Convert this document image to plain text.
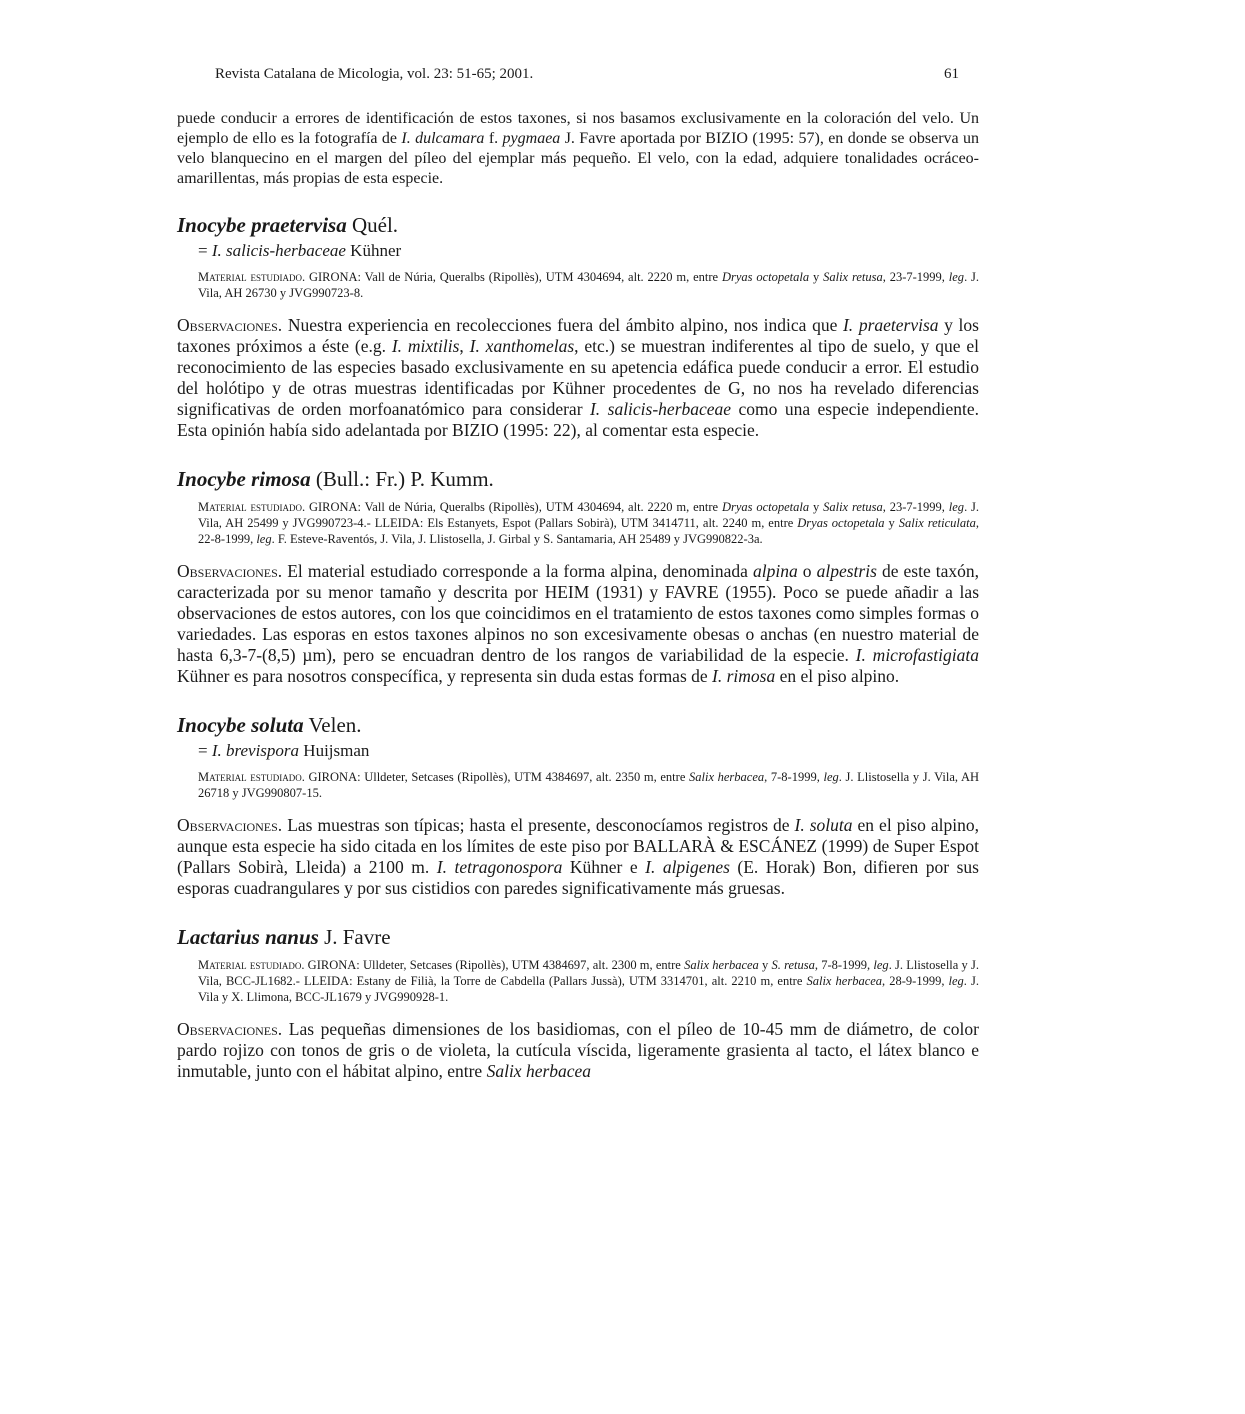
Revista Catalana de Micologia, vol. 23: 51-65; 2001.	61

puede conducir a errores de identificación de estos taxones, si nos basamos exclusivamente en la coloración del velo. Un ejemplo de ello es la fotografía de I. dulcamara f. pygmaea J. Favre aportada por BIZIO (1995: 57), en donde se observa un velo blanquecino en el margen del píleo del ejemplar más pequeño. El velo, con la edad, adquiere tonalidades ocráceo-amarillentas, más propias de esta especie.

Inocybe praetervisa Quél.
= I. salicis-herbaceae Kühner

Material estudiado. GIRONA: Vall de Núria, Queralbs (Ripollès), UTM 4304694, alt. 2220 m, entre Dryas octopetala y Salix retusa, 23-7-1999, leg. J. Vila, AH 26730 y JVG990723-8.

Observaciones. Nuestra experiencia en recolecciones fuera del ámbito alpino, nos indica que I. praetervisa y los taxones próximos a éste (e.g. I. mixtilis, I. xanthomelas, etc.) se muestran indiferentes al tipo de suelo, y que el reconocimiento de las especies basado exclusivamente en su apetencia edáfica puede conducir a error. El estudio del holótipo y de otras muestras identificadas por Kühner procedentes de G, no nos ha revelado diferencias significativas de orden morfoanatómico para considerar I. salicis-herbaceae como una especie independiente. Esta opinión había sido adelantada por BIZIO (1995: 22), al comentar esta especie.

Inocybe rimosa (Bull.: Fr.) P. Kumm.

Material estudiado. GIRONA: Vall de Núria, Queralbs (Ripollès), UTM 4304694, alt. 2220 m, entre Dryas octopetala y Salix retusa, 23-7-1999, leg. J. Vila, AH 25499 y JVG990723-4.- LLEIDA: Els Estanyets, Espot (Pallars Sobirà), UTM 3414711, alt. 2240 m, entre Dryas octopetala y Salix reticulata, 22-8-1999, leg. F. Esteve-Raventós, J. Vila, J. Llistosella, J. Girbal y S. Santamaria, AH 25489 y JVG990822-3a.

Observaciones. El material estudiado corresponde a la forma alpina, denominada alpina o alpestris de este taxón, caracterizada por su menor tamaño y descrita por HEIM (1931) y FAVRE (1955). Poco se puede añadir a las observaciones de estos autores, con los que coincidimos en el tratamiento de estos taxones como simples formas o variedades. Las esporas en estos taxones alpinos no son excesivamente obesas o anchas (en nuestro material de hasta 6,3-7-(8,5) µm), pero se encuadran dentro de los rangos de variabilidad de la especie. I. microfastigiata Kühner es para nosotros conspecífica, y representa sin duda estas formas de I. rimosa en el piso alpino.

Inocybe soluta Velen.
= I. brevispora Huijsman

Material estudiado. GIRONA: Ulldeter, Setcases (Ripollès), UTM 4384697, alt. 2350 m, entre Salix herbacea, 7-8-1999, leg. J. Llistosella y J. Vila, AH 26718 y JVG990807-15.

Observaciones. Las muestras son típicas; hasta el presente, desconocíamos registros de I. soluta en el piso alpino, aunque esta especie ha sido citada en los límites de este piso por BALLARÀ & ESCÁNEZ (1999) de Super Espot (Pallars Sobirà, Lleida) a 2100 m. I. tetragonospora Kühner e I. alpigenes (E. Horak) Bon, difieren por sus esporas cuadrangulares y por sus cistidios con paredes significativamente más gruesas.

Lactarius nanus J. Favre

Material estudiado. GIRONA: Ulldeter, Setcases (Ripollès), UTM 4384697, alt. 2300 m, entre Salix herbacea y S. retusa, 7-8-1999, leg. J. Llistosella y J. Vila, BCC-JL1682.- LLEIDA: Estany de Filià, la Torre de Cabdella (Pallars Jussà), UTM 3314701, alt. 2210 m, entre Salix herbacea, 28-9-1999, leg. J. Vila y X. Llimona, BCC-JL1679 y JVG990928-1.

Observaciones. Las pequeñas dimensiones de los basidiomas, con el píleo de 10-45 mm de diámetro, de color pardo rojizo con tonos de gris o de violeta, la cutícula víscida, ligeramente grasienta al tacto, el látex blanco e inmutable, junto con el hábitat alpino, entre Salix herbacea
